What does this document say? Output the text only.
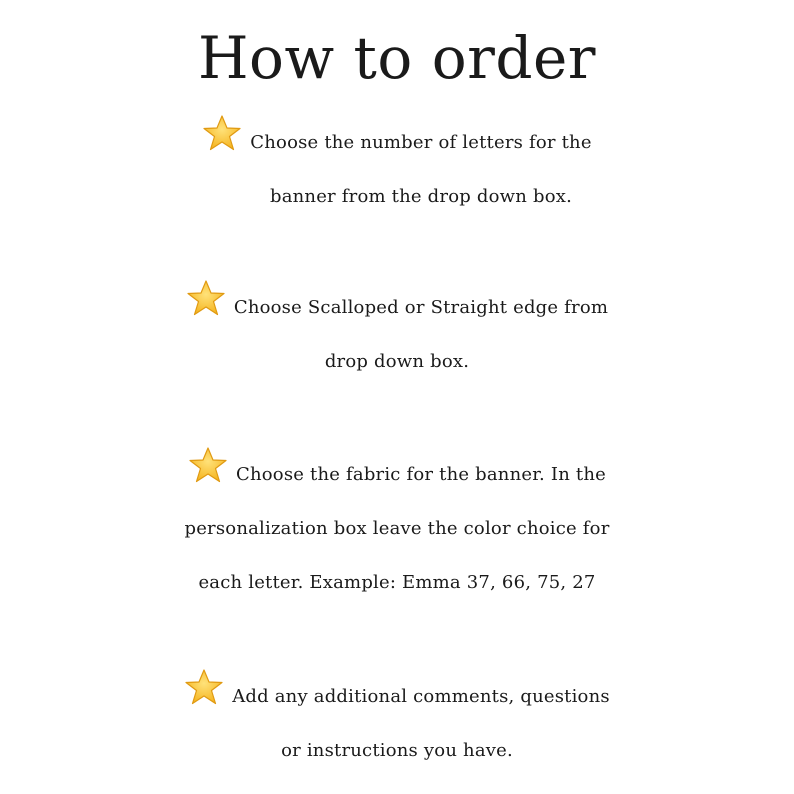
How to order
Choose the number of letters for the
banner from the drop down box.
Choose Scalloped or Straight edge from
drop down box.
Choose the fabric for the banner. In the
personalization box leave the color choice for
each letter. Example: Emma 37, 66, 75, 27
Add any additional comments, questions
or instructions you have.
